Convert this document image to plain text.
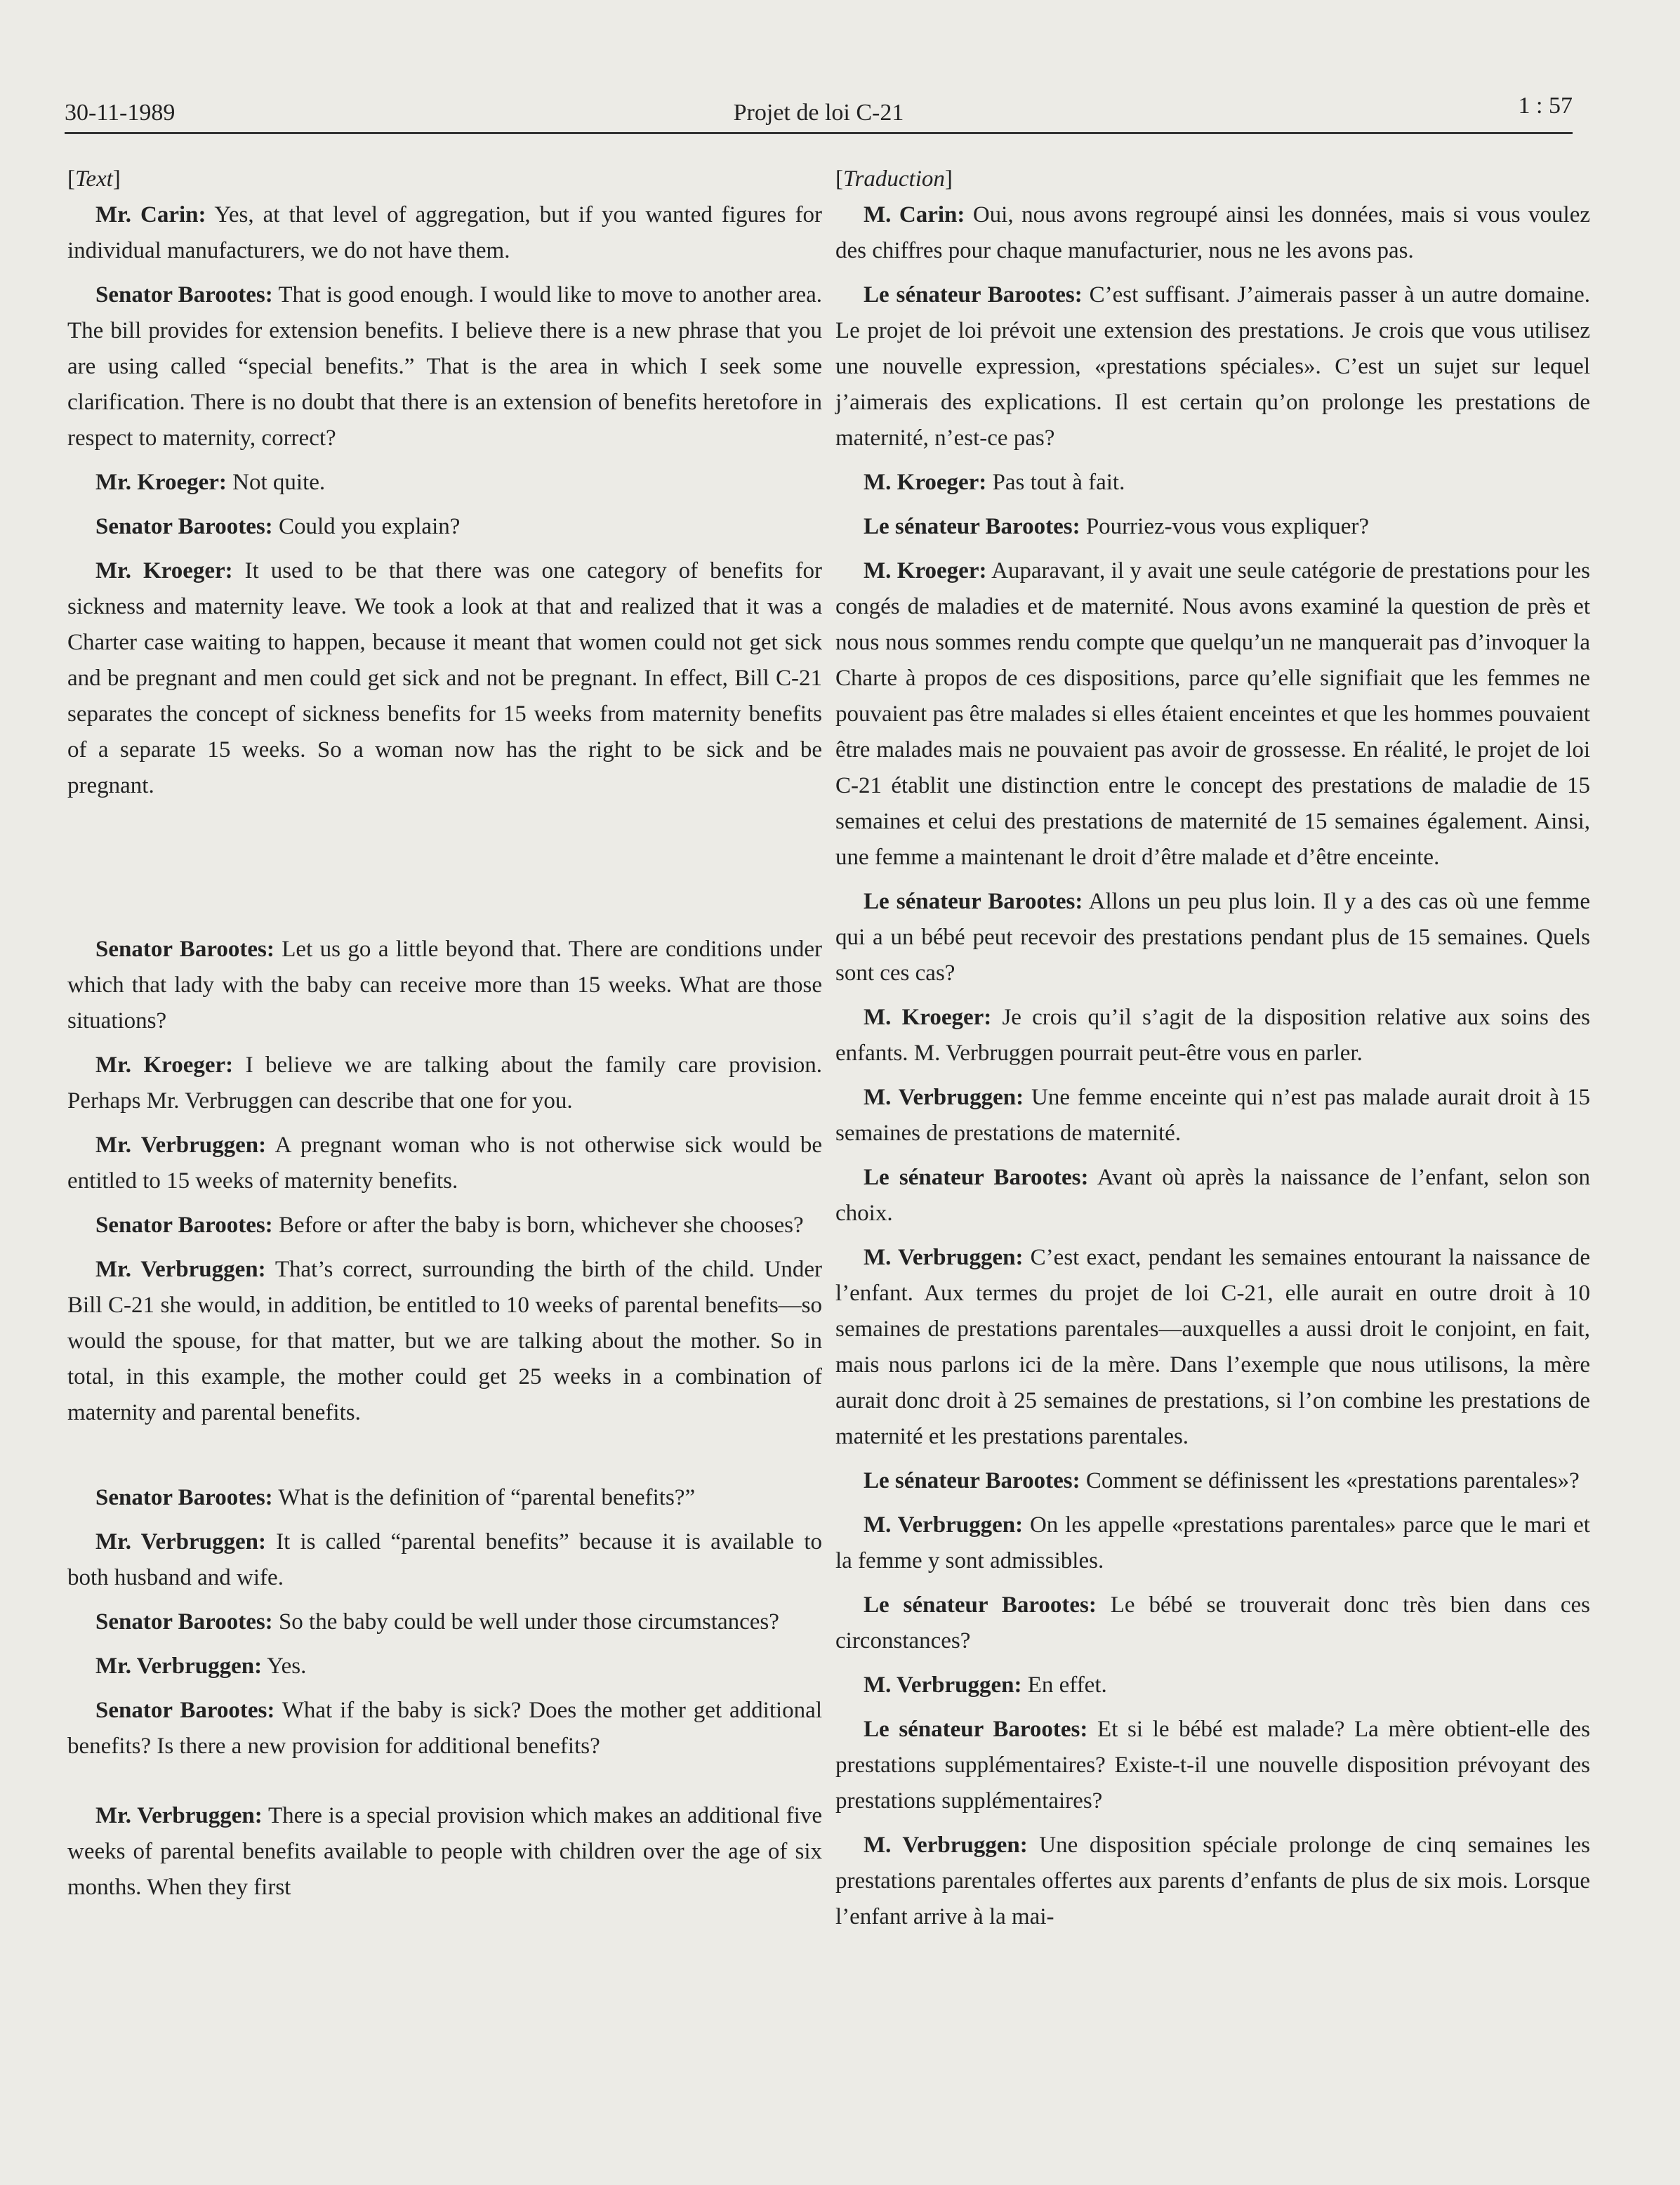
30-11-1989	Projet de loi C-21	1 : 57
[Text]

Mr. Carin: Yes, at that level of aggregation, but if you wanted figures for individual manufacturers, we do not have them.

Senator Barootes: That is good enough. I would like to move to another area. The bill provides for extension benefits. I believe there is a new phrase that you are using called “special benefits.” That is the area in which I seek some clarification. There is no doubt that there is an extension of benefits heretofore in respect to maternity, correct?

Mr. Kroeger: Not quite.

Senator Barootes: Could you explain?

Mr. Kroeger: It used to be that there was one category of benefits for sickness and maternity leave. We took a look at that and realized that it was a Charter case waiting to happen, because it meant that women could not get sick and be pregnant and men could get sick and not be pregnant. In effect, Bill C-21 separates the concept of sickness benefits for 15 weeks from maternity benefits of a separate 15 weeks. So a woman now has the right to be sick and be pregnant.

Senator Barootes: Let us go a little beyond that. There are conditions under which that lady with the baby can receive more than 15 weeks. What are those situations?

Mr. Kroeger: I believe we are talking about the family care provision. Perhaps Mr. Verbruggen can describe that one for you.

Mr. Verbruggen: A pregnant woman who is not otherwise sick would be entitled to 15 weeks of maternity benefits.

Senator Barootes: Before or after the baby is born, whichever she chooses?

Mr. Verbruggen: That’s correct, surrounding the birth of the child. Under Bill C-21 she would, in addition, be entitled to 10 weeks of parental benefits—so would the spouse, for that matter, but we are talking about the mother. So in total, in this example, the mother could get 25 weeks in a combination of maternity and parental benefits.

Senator Barootes: What is the definition of “parental benefits?”

Mr. Verbruggen: It is called “parental benefits” because it is available to both husband and wife.

Senator Barootes: So the baby could be well under those circumstances?

Mr. Verbruggen: Yes.

Senator Barootes: What if the baby is sick? Does the mother get additional benefits? Is there a new provision for additional benefits?

Mr. Verbruggen: There is a special provision which makes an additional five weeks of parental benefits available to people with children over the age of six months. When they first

[Traduction]

M. Carin: Oui, nous avons regroupé ainsi les données, mais si vous voulez des chiffres pour chaque manufacturier, nous ne les avons pas.

Le sénateur Barootes: C’est suffisant. J’aimerais passer à un autre domaine. Le projet de loi prévoit une extension des prestations. Je crois que vous utilisez une nouvelle expression, «prestations spéciales». C’est un sujet sur lequel j’aimerais des explications. Il est certain qu’on prolonge les prestations de maternité, n’est-ce pas?

M. Kroeger: Pas tout à fait.

Le sénateur Barootes: Pourriez-vous vous expliquer?

M. Kroeger: Auparavant, il y avait une seule catégorie de prestations pour les congés de maladies et de maternité. Nous avons examiné la question de près et nous nous sommes rendu compte que quelqu’un ne manquerait pas d’invoquer la Charte à propos de ces dispositions, parce qu’elle signifiait que les femmes ne pouvaient pas être malades si elles étaient enceintes et que les hommes pouvaient être malades mais ne pouvaient pas avoir de grossesse. En réalité, le projet de loi C-21 établit une distinction entre le concept des prestations de maladie de 15 semaines et celui des prestations de maternité de 15 semaines également. Ainsi, une femme a maintenant le droit d’être malade et d’être enceinte.

Le sénateur Barootes: Allons un peu plus loin. Il y a des cas où une femme qui a un bébé peut recevoir des prestations pendant plus de 15 semaines. Quels sont ces cas?

M. Kroeger: Je crois qu’il s’agit de la disposition relative aux soins des enfants. M. Verbruggen pourrait peut-être vous en parler.

M. Verbruggen: Une femme enceinte qui n’est pas malade aurait droit à 15 semaines de prestations de maternité.

Le sénateur Barootes: Avant où après la naissance de l’enfant, selon son choix.

M. Verbruggen: C’est exact, pendant les semaines entourant la naissance de l’enfant. Aux termes du projet de loi C-21, elle aurait en outre droit à 10 semaines de prestations parentales—auxquelles a aussi droit le conjoint, en fait, mais nous parlons ici de la mère. Dans l’exemple que nous utilisons, la mère aurait donc droit à 25 semaines de prestations, si l’on combine les prestations de maternité et les prestations parentales.

Le sénateur Barootes: Comment se définissent les «prestations parentales»?

M. Verbruggen: On les appelle «prestations parentales» parce que le mari et la femme y sont admissibles.

Le sénateur Barootes: Le bébé se trouverait donc très bien dans ces circonstances?

M. Verbruggen: En effet.

Le sénateur Barootes: Et si le bébé est malade? La mère obtient-elle des prestations supplémentaires? Existe-t-il une nouvelle disposition prévoyant des prestations supplémentaires?

M. Verbruggen: Une disposition spéciale prolonge de cinq semaines les prestations parentales offertes aux parents d’enfants de plus de six mois. Lorsque l’enfant arrive à la mai-
